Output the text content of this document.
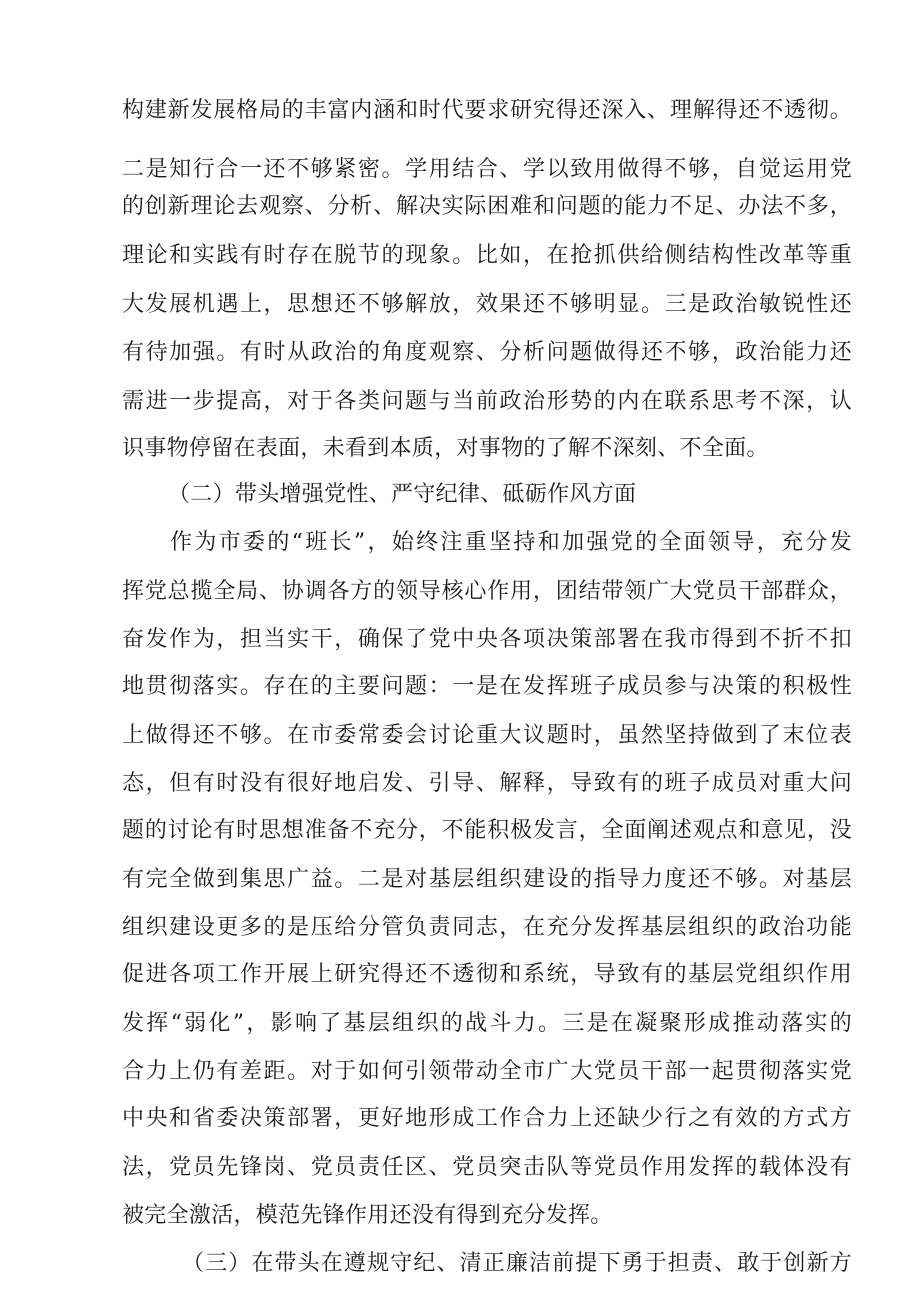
构建新发展格局的丰富内涵和时代要求研究得还深入、理解得还不透彻。
二是知行合一还不够紧密。学用结合、学以致用做得不够，自觉运用党
的创新理论去观察、分析、解决实际困难和问题的能力不足、办法不多，
理论和实践有时存在脱节的现象。比如，在抢抓供给侧结构性改革等重
大发展机遇上，思想还不够解放，效果还不够明显。三是政治敏锐性还
有待加强。有时从政治的角度观察、分析问题做得还不够，政治能力还
需进一步提高，对于各类问题与当前政治形势的内在联系思考不深，认
识事物停留在表面，未看到本质，对事物的了解不深刻、不全面。
（二）带头增强党性、严守纪律、砥砺作风方面
作为市委的“班长”，始终注重坚持和加强党的全面领导，充分发
挥党总揽全局、协调各方的领导核心作用，团结带领广大党员干部群众，
奋发作为，担当实干，确保了党中央各项决策部署在我市得到不折不扣
地贯彻落实。存在的主要问题：一是在发挥班子成员参与决策的积极性
上做得还不够。在市委常委会讨论重大议题时，虽然坚持做到了末位表
态，但有时没有很好地启发、引导、解释，导致有的班子成员对重大问
题的讨论有时思想准备不充分，不能积极发言，全面阐述观点和意见，没
有完全做到集思广益。二是对基层组织建设的指导力度还不够。对基层
组织建设更多的是压给分管负责同志，在充分发挥基层组织的政治功能
促进各项工作开展上研究得还不透彻和系统，导致有的基层党组织作用
发挥“弱化”，影响了基层组织的战斗力。三是在凝聚形成推动落实的
合力上仍有差距。对于如何引领带动全市广大党员干部一起贯彻落实党
中央和省委决策部署，更好地形成工作合力上还缺少行之有效的方式方
法，党员先锋岗、党员责任区、党员突击队等党员作用发挥的载体没有
被完全激活，模范先锋作用还没有得到充分发挥。
（三）在带头在遵规守纪、清正廉洁前提下勇于担责、敢于创新方
